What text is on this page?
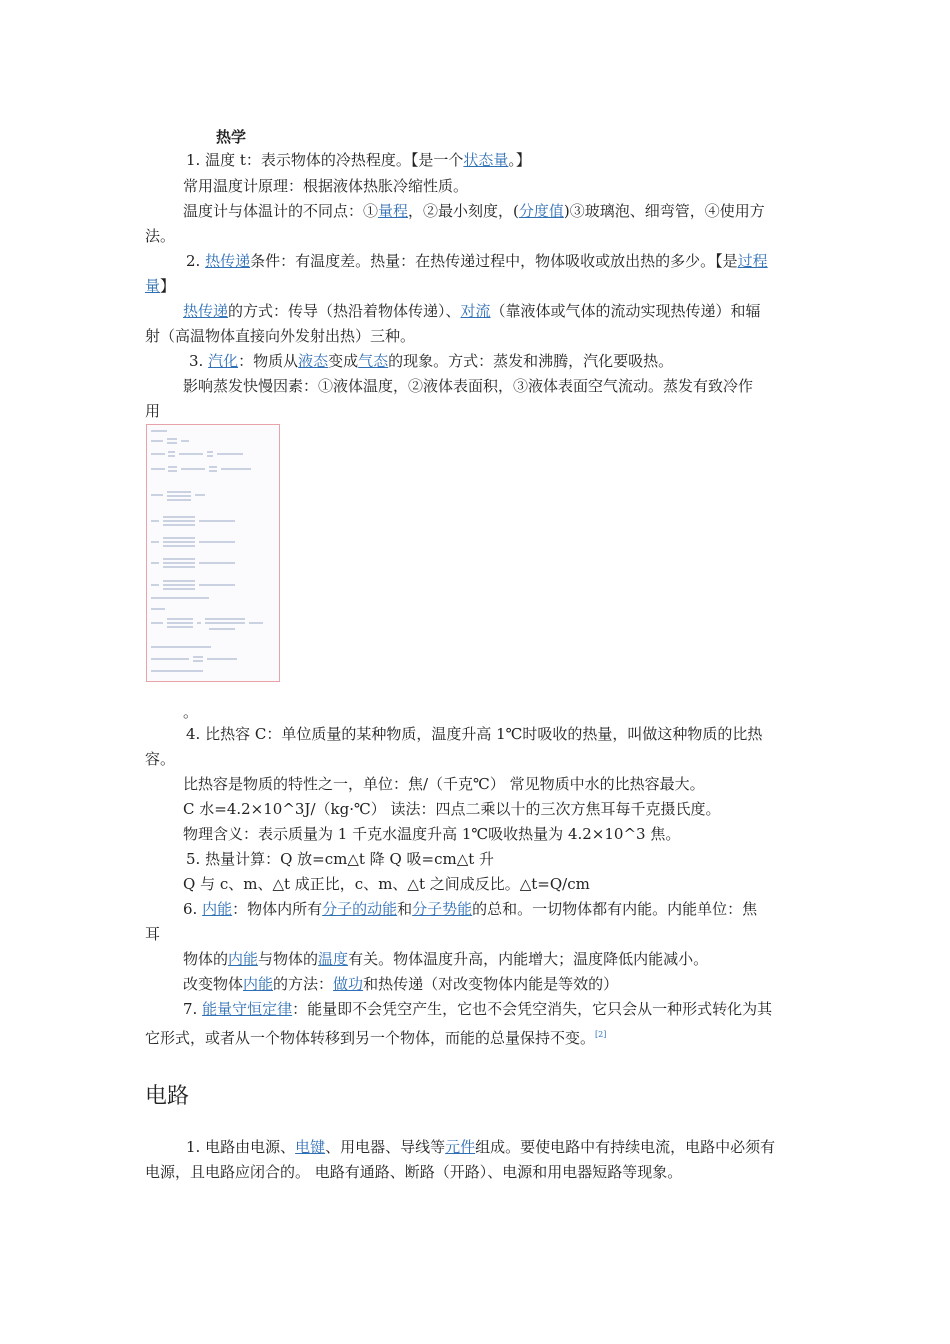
热学
1. 温度 t：表示物体的冷热程度。【是一个状态量。】
常用温度计原理：根据液体热胀冷缩性质。
温度计与体温计的不同点：①量程，②最小刻度，(分度值)③玻璃泡、细弯管，④使用方
法。
2. 热传递条件：有温度差。热量：在热传递过程中，物体吸收或放出热的多少。【是过程
量】
热传递的方式：传导（热沿着物体传递）、对流（靠液体或气体的流动实现热传递）和辐
射（高温物体直接向外发射出热）三种。
3. 汽化：物质从液态变成气态的现象。方式：蒸发和沸腾，汽化要吸热。
影响蒸发快慢因素：①液体温度，②液体表面积，③液体表面空气流动。蒸发有致冷作
用
。
4. 比热容 C：单位质量的某种物质，温度升高 1℃时吸收的热量，叫做这种物质的比热
容。
比热容是物质的特性之一，单位：焦/（千克℃） 常见物质中水的比热容最大。
C 水=4.2×10^3J/（kg·℃） 读法：四点二乘以十的三次方焦耳每千克摄氏度。
物理含义：表示质量为 1 千克水温度升高 1℃吸收热量为 4.2×10^3 焦。
5. 热量计算：Q 放=cm△t 降 Q 吸=cm△t 升
Q 与 c、m、△t 成正比，c、m、△t 之间成反比。△t=Q/cm
6. 内能：物体内所有分子的动能和分子势能的总和。一切物体都有内能。内能单位：焦
耳
物体的内能与物体的温度有关。物体温度升高，内能增大；温度降低内能减小。
改变物体内能的方法：做功和热传递（对改变物体内能是等效的）
7. 能量守恒定律：能量即不会凭空产生，它也不会凭空消失，它只会从一种形式转化为其
它形式，或者从一个物体转移到另一个物体，而能的总量保持不变。[2]
电路
1. 电路由电源、电键、用电器、导线等元件组成。要使电路中有持续电流，电路中必须有
电源，且电路应闭合的。 电路有通路、断路（开路）、电源和用电器短路等现象。
